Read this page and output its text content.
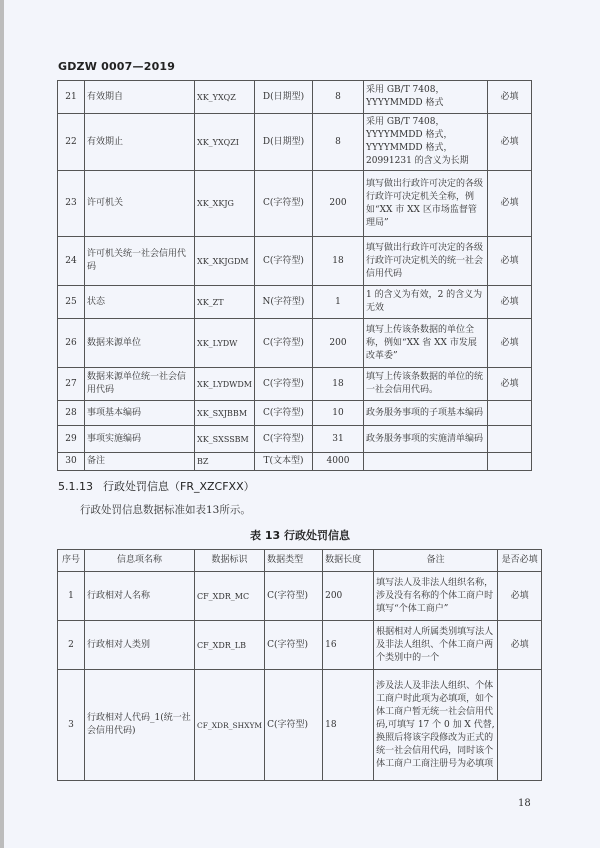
GDZW 0007—2019
21	有效期自	XK_YXQZ	D(日期型)	8	采用 GB/T 7408，YYYYMMDD 格式	必填
22	有效期止	XK_YXQZI	D(日期型)	8	采用 GB/T 7408，YYYYMMDD 格式，YYYYMMDD 格式，20991231 的含义为长期	必填
23	许可机关	XK_XKJG	C(字符型)	200	填写做出行政许可决定的各级行政许可决定机关全称，例如“XX 市 XX 区市场监督管理局”	必填
24	许可机关统一社会信用代码	XK_XKJGDM	C(字符型)	18	填写做出行政许可决定的各级行政许可决定机关的统一社会信用代码	必填
25	状态	XK_ZT	N(字符型)	1	1 的含义为有效，2 的含义为无效	必填
26	数据来源单位	XK_LYDW	C(字符型)	200	填写上传该条数据的单位全称，例如“XX 省 XX 市发展改革委”	必填
27	数据来源单位统一社会信用代码	XK_LYDWDM	C(字符型)	18	填写上传该条数据的单位的统一社会信用代码。	必填
28	事项基本编码	XK_SXJBBM	C(字符型)	10	政务服务事项的子项基本编码	
29	事项实施编码	XK_SXSSBM	C(字符型)	31	政务服务事项的实施清单编码	
30	备注	BZ	T(文本型)	4000		
5.1.13 行政处罚信息（FR_XZCFXX）
行政处罚信息数据标准如表13所示。
表 13 行政处罚信息
序号	信息项名称	数据标识	数据类型	数据长度	备注	是否必填
1	行政相对人名称	CF_XDR_MC	C(字符型)	200	填写法人及非法人组织名称，涉及没有名称的个体工商户时填写“个体工商户”	必填
2	行政相对人类别	CF_XDR_LB	C(字符型)	16	根据相对人所属类别填写法人及非法人组织、个体工商户两个类别中的一个	必填
3	行政相对人代码_1(统一社会信用代码)	CF_XDR_SHXYM	C(字符型)	18	涉及法人及非法人组织、个体工商户时此项为必填项，如个体工商户暂无统一社会信用代码,可填写 17 个 0 加 X 代替,换照后将该字段修改为正式的统一社会信用代码，同时该个体工商户工商注册号为必填项	
18
